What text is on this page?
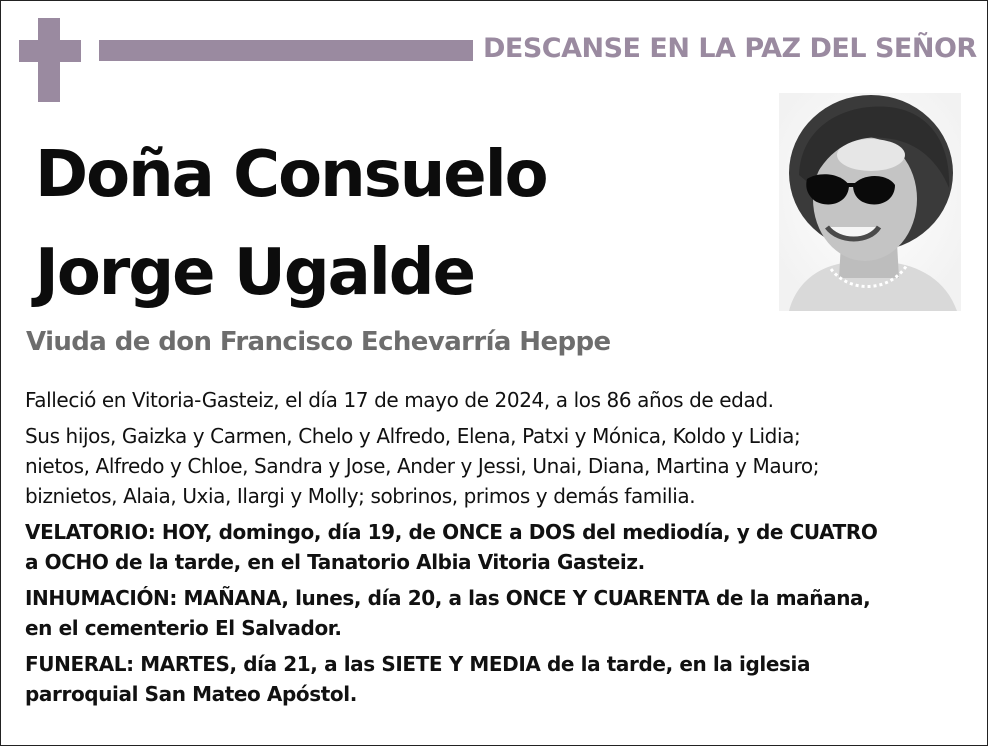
DESCANSE EN LA PAZ DEL SEÑOR
Doña Consuelo
Jorge Ugalde
Viuda de don Francisco Echevarría Heppe

Falleció en Vitoria-Gasteiz, el día 17 de mayo de 2024, a los 86 años de edad.

Sus hijos, Gaizka y Carmen, Chelo y Alfredo, Elena, Patxi y Mónica, Koldo y Lidia;
nietos, Alfredo y Chloe, Sandra y Jose, Ander y Jessi, Unai, Diana, Martina y Mauro;
biznietos, Alaia, Uxia, Ilargi y Molly; sobrinos, primos y demás familia.

VELATORIO: HOY, domingo, día 19, de ONCE a DOS del mediodía, y de CUATRO
a OCHO de la tarde, en el Tanatorio Albia Vitoria Gasteiz.

INHUMACIÓN: MAÑANA, lunes, día 20, a las ONCE Y CUARENTA de la mañana,
en el cementerio El Salvador.

FUNERAL: MARTES, día 21, a las SIETE Y MEDIA de la tarde, en la iglesia
parroquial San Mateo Apóstol.
